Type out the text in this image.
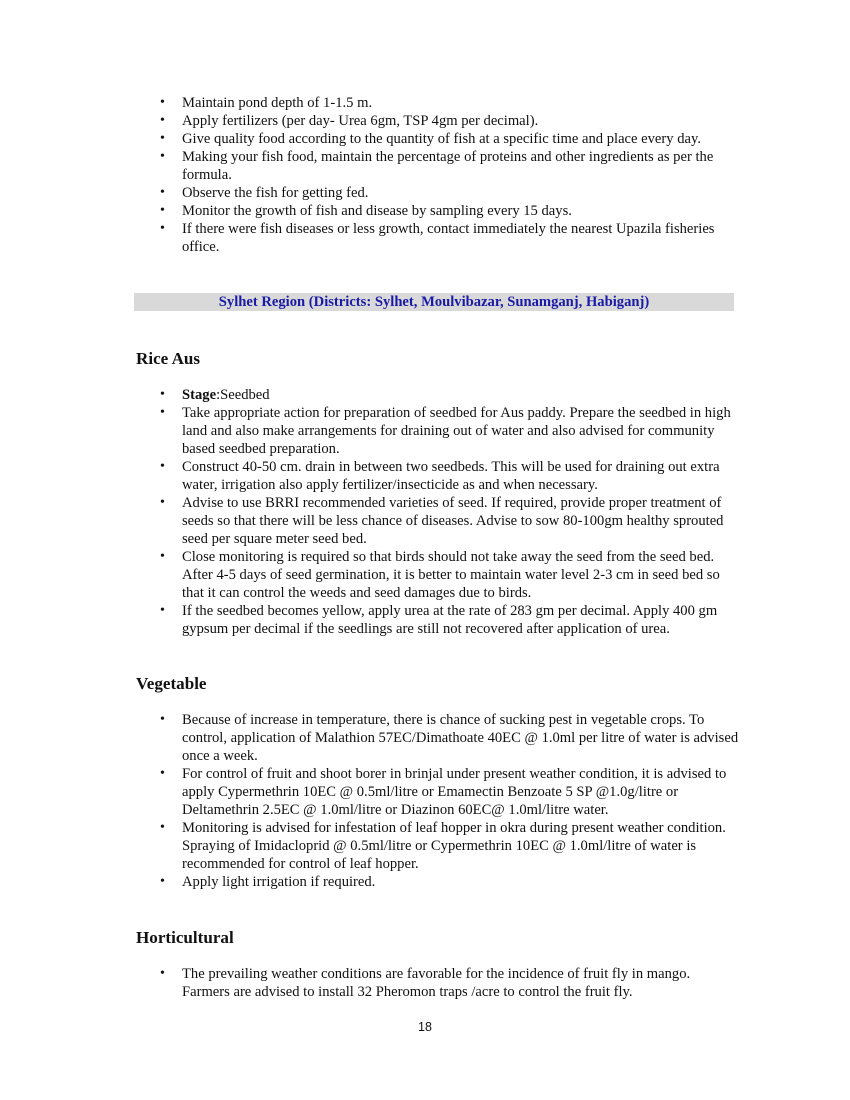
• Maintain pond depth of 1-1.5 m.
• Apply fertilizers (per day- Urea 6gm, TSP 4gm per decimal).
• Give quality food according to the quantity of fish at a specific time and place every day.
• Making your fish food, maintain the percentage of proteins and other ingredients as per the formula.
• Observe the fish for getting fed.
• Monitor the growth of fish and disease by sampling every 15 days.
• If there were fish diseases or less growth, contact immediately the nearest Upazila fisheries office.
Sylhet Region (Districts: Sylhet, Moulvibazar, Sunamganj, Habiganj)
Rice Aus
• Stage:Seedbed
• Take appropriate action for preparation of seedbed for Aus paddy. Prepare the seedbed in high land and also make arrangements for draining out of water and also advised for community based seedbed preparation.
• Construct 40-50 cm. drain in between two seedbeds. This will be used for draining out extra water, irrigation also apply fertilizer/insecticide as and when necessary.
• Advise to use BRRI recommended varieties of seed. If required, provide proper treatment of seeds so that there will be less chance of diseases. Advise to sow 80-100gm healthy sprouted seed per square meter seed bed.
• Close monitoring is required so that birds should not take away the seed from the seed bed. After 4-5 days of seed germination, it is better to maintain water level 2-3 cm in seed bed so that it can control the weeds and seed damages due to birds.
• If the seedbed becomes yellow, apply urea at the rate of 283 gm per decimal. Apply 400 gm gypsum per decimal if the seedlings are still not recovered after application of urea.
Vegetable
• Because of increase in temperature, there is chance of sucking pest in vegetable crops. To control, application of Malathion 57EC/Dimathoate 40EC @ 1.0ml per litre of water is advised once a week.
• For control of fruit and shoot borer in brinjal under present weather condition, it is advised to apply Cypermethrin 10EC @ 0.5ml/litre or Emamectin Benzoate 5 SP @1.0g/litre or Deltamethrin 2.5EC @ 1.0ml/litre or Diazinon 60EC@ 1.0ml/litre water.
• Monitoring is advised for infestation of leaf hopper in okra during present weather condition. Spraying of Imidacloprid @ 0.5ml/litre or Cypermethrin 10EC @ 1.0ml/litre of water is recommended for control of leaf hopper.
• Apply light irrigation if required.
Horticultural
• The prevailing weather conditions are favorable for the incidence of fruit fly in mango. Farmers are advised to install 32 Pheromon traps /acre to control the fruit fly.
18
